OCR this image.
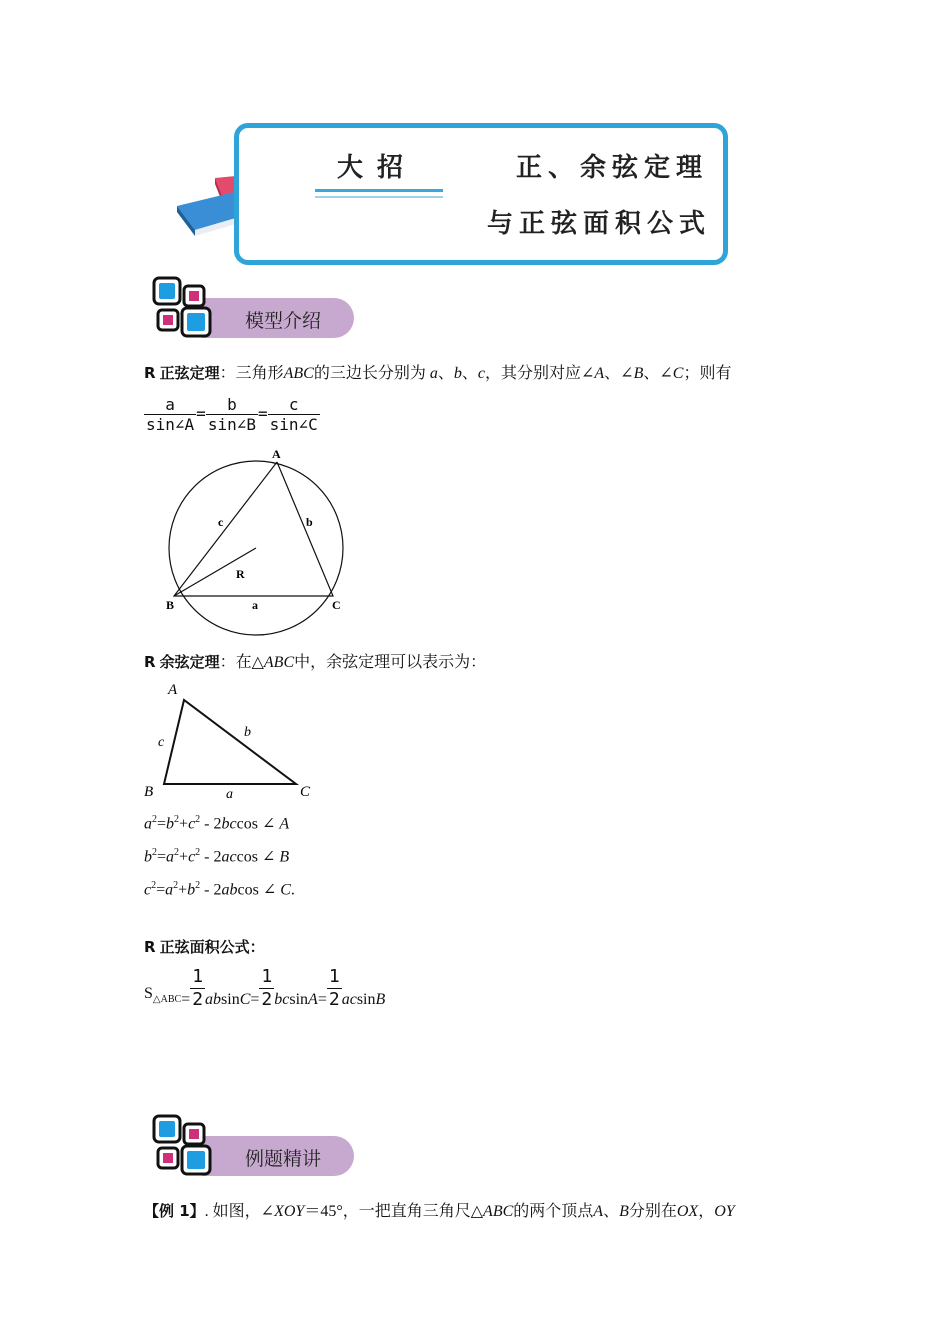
大招	正、余弦定理
与正弦面积公式
模型介绍
R 正弦定理：三角形ABC的三边长分别为 a、b、c，其分别对应∠A、∠B、∠C；则有
$\frac{a}{\sin\angle A} = \frac{b}{\sin\angle B} = \frac{c}{\sin\angle C}$
A
B	C
a
b
c
R
R 余弦定理：在△ABC中，余弦定理可以表示为：
A
B	C
a
b
c
$a^2=b^2+c^2 - 2bccos$ ∠ A
$b^2=a^2+c^2 - 2accos$ ∠ B
$c^2=a^2+b^2 - 2abcos$ ∠ C.
R 正弦面积公式：
$S_{\triangle ABC}= \frac{1}{2} absinC= \frac{1}{2} bcsinA= \frac{1}{2}$ acsinB
例题精讲
【例 1】. 如图，∠XOY＝45°，一把直角三角尺△ABC的两个顶点A、B分别在OX，OY
